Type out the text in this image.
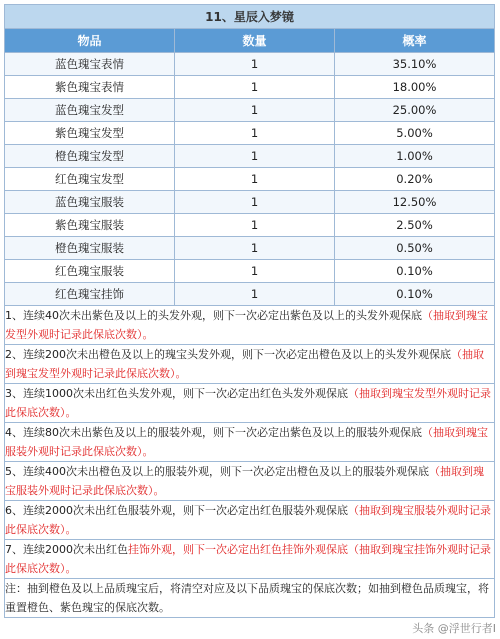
11、星辰入梦镜		
物品	数量	概率
蓝色瑰宝表情	1	35.10%
紫色瑰宝表情	1	18.00%
蓝色瑰宝发型	1	25.00%
紫色瑰宝发型	1	5.00%
橙色瑰宝发型	1	1.00%
红色瑰宝发型	1	0.20%
蓝色瑰宝服装	1	12.50%
紫色瑰宝服装	1	2.50%
橙色瑰宝服装	1	0.50%
红色瑰宝服装	1	0.10%
红色瑰宝挂饰	1	0.10%
1、连续40次未出紫色及以上的头发外观，则下一次必定出紫色及以上的头发外观保底（抽取到瑰宝发型外观时记录此保底次数）。		
2、连续200次未出橙色及以上的瑰宝头发外观，则下一次必定出橙色及以上的头发外观保底（抽取到瑰宝发型外观时记录此保底次数）。		
3、连续1000次未出红色头发外观，则下一次必定出红色头发外观保底（抽取到瑰宝发型外观时记录此保底次数）。		
4、连续80次未出紫色及以上的服装外观，则下一次必定出紫色及以上的服装外观保底（抽取到瑰宝服装外观时记录此保底次数）。		
5、连续400次未出橙色及以上的服装外观，则下一次必定出橙色及以上的服装外观保底（抽取到瑰宝服装外观时记录此保底次数）。		
6、连续2000次未出红色服装外观，则下一次必定出红色服装外观保底（抽取到瑰宝服装外观时记录此保底次数）。		
7、连续2000次未出红色挂饰外观，则下一次必定出红色挂饰外观保底（抽取到瑰宝挂饰外观时记录此保底次数）。		
注：抽到橙色及以上品质瑰宝后，将清空对应及以下品质瑰宝的保底次数；如抽到橙色品质瑰宝，将重置橙色、紫色瑰宝的保底次数。		
头条 @浮世行者I
